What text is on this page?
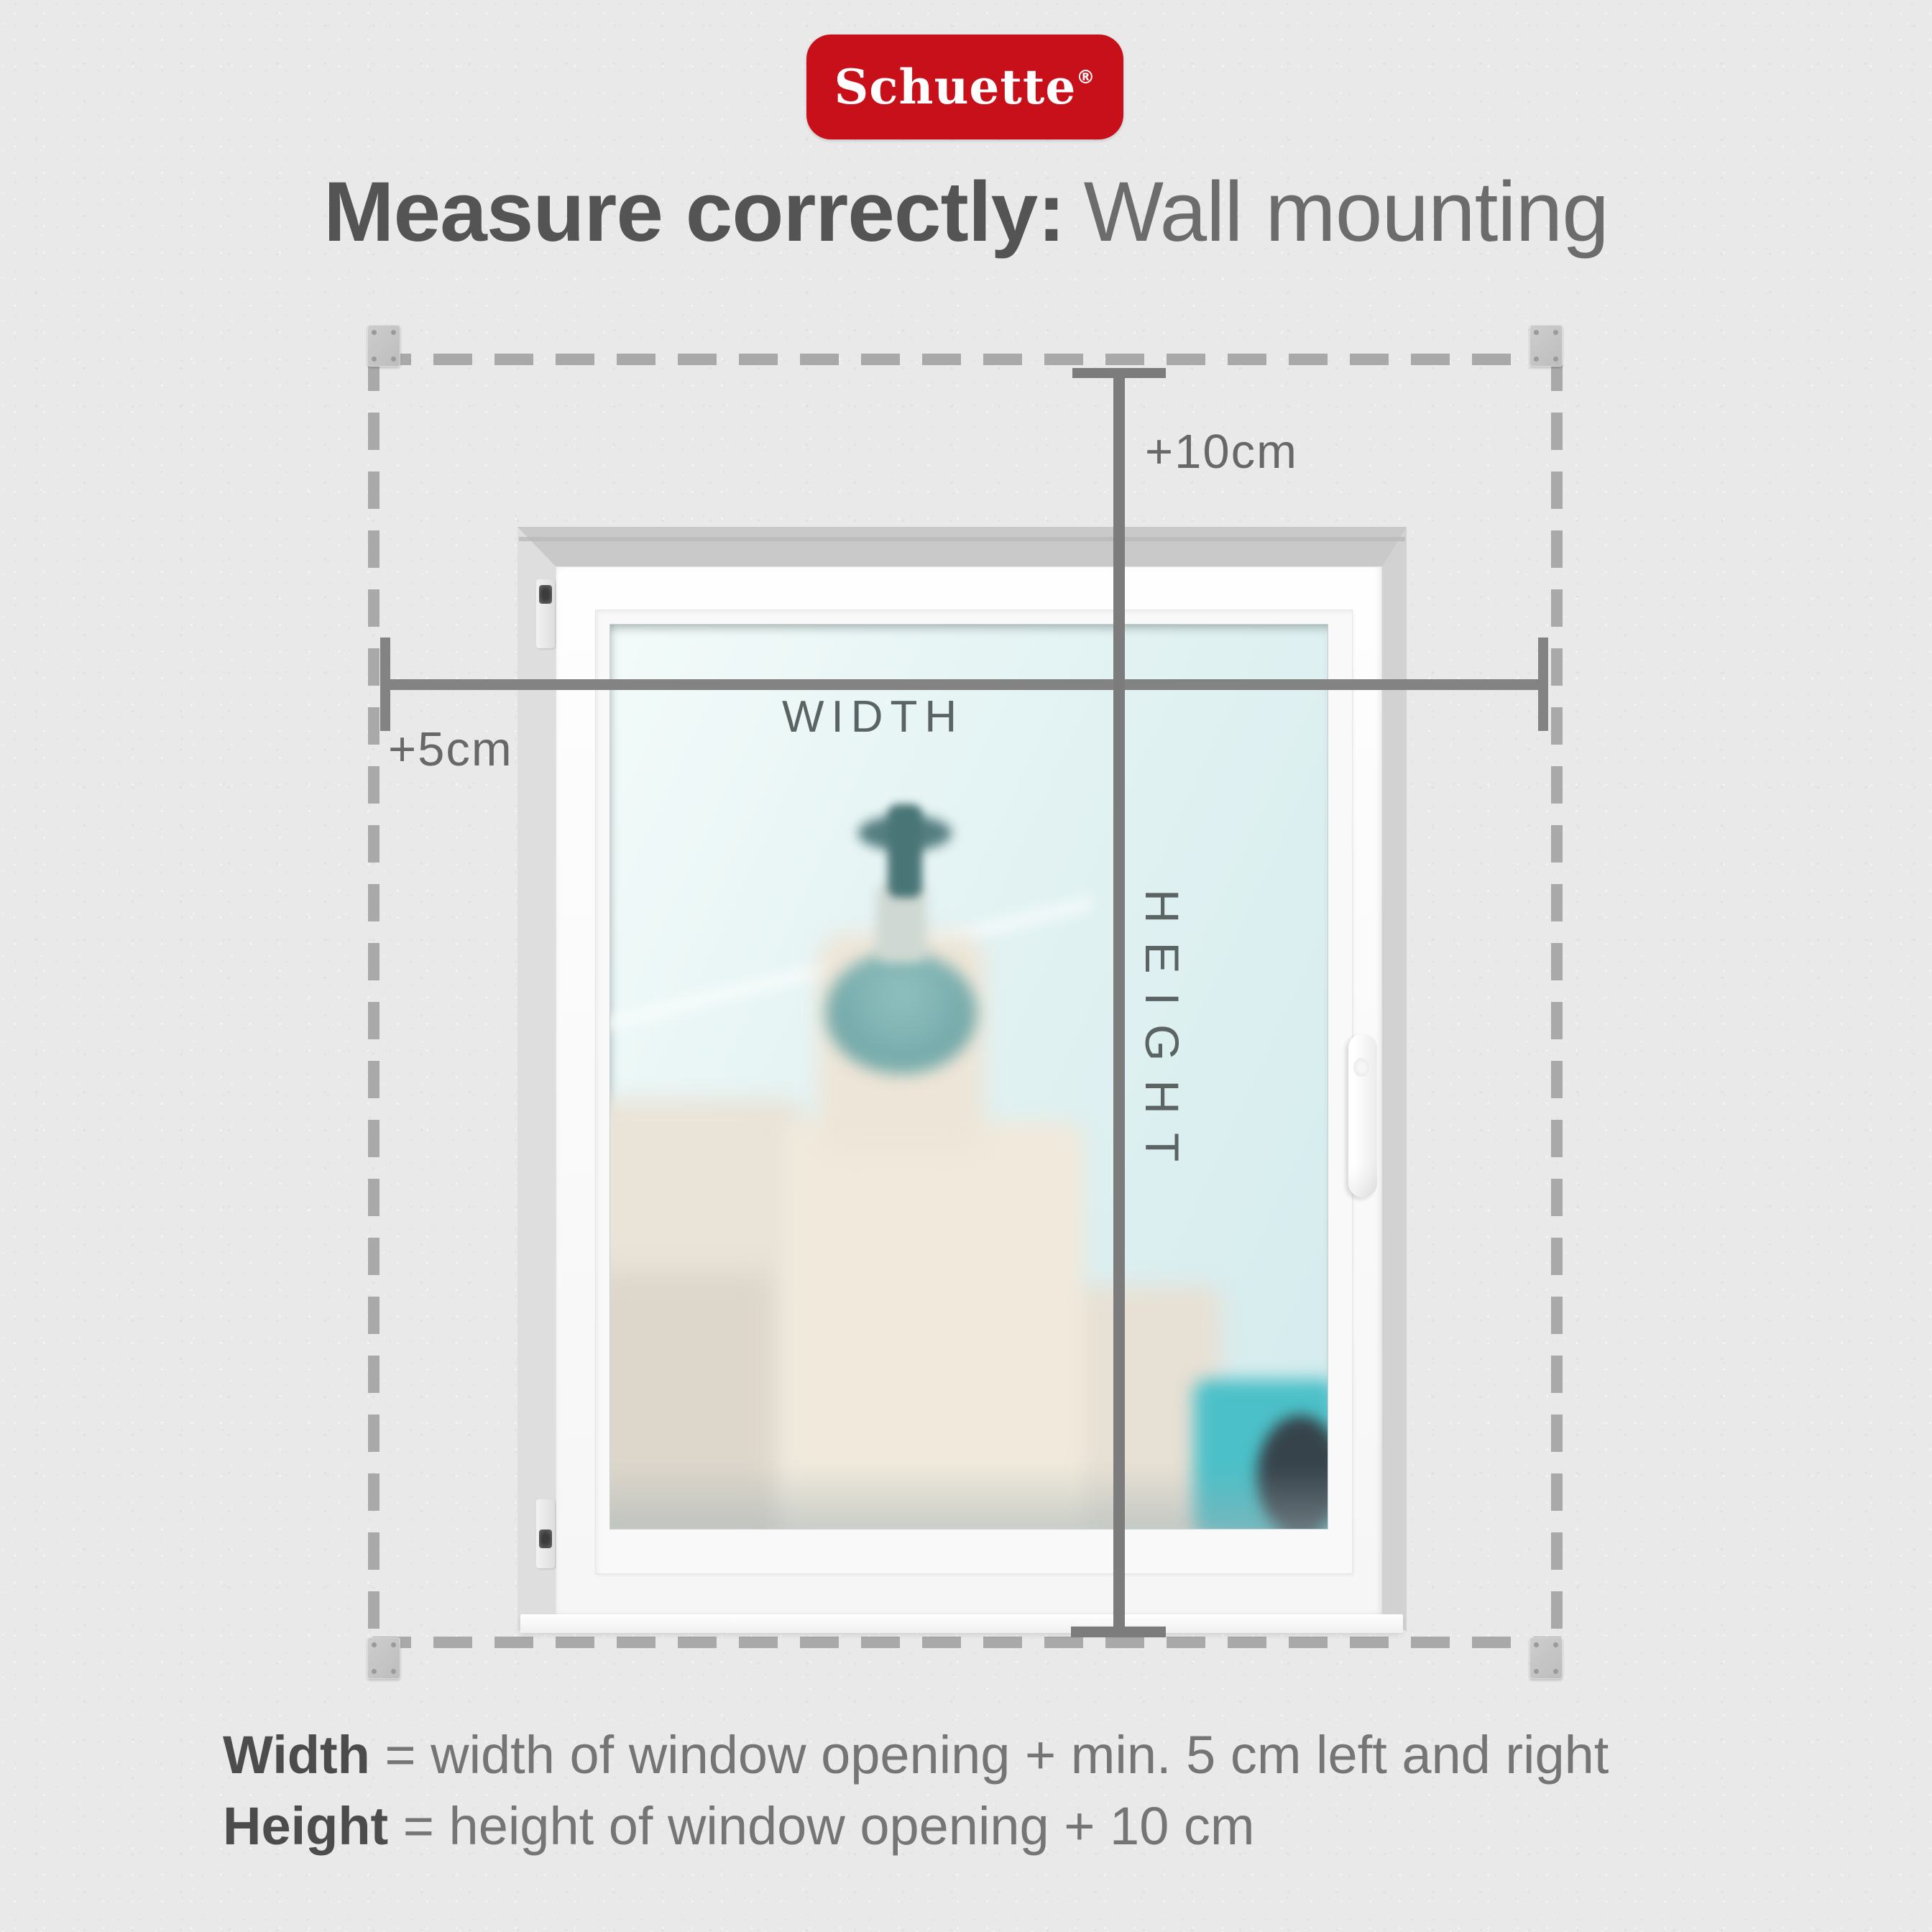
Schuette®
Measure correctly: Wall mounting
WIDTH
HEIGHT
+5cm
+10cm
Width = width of window opening + min. 5 cm left and right
Height = height of window opening + 10 cm
